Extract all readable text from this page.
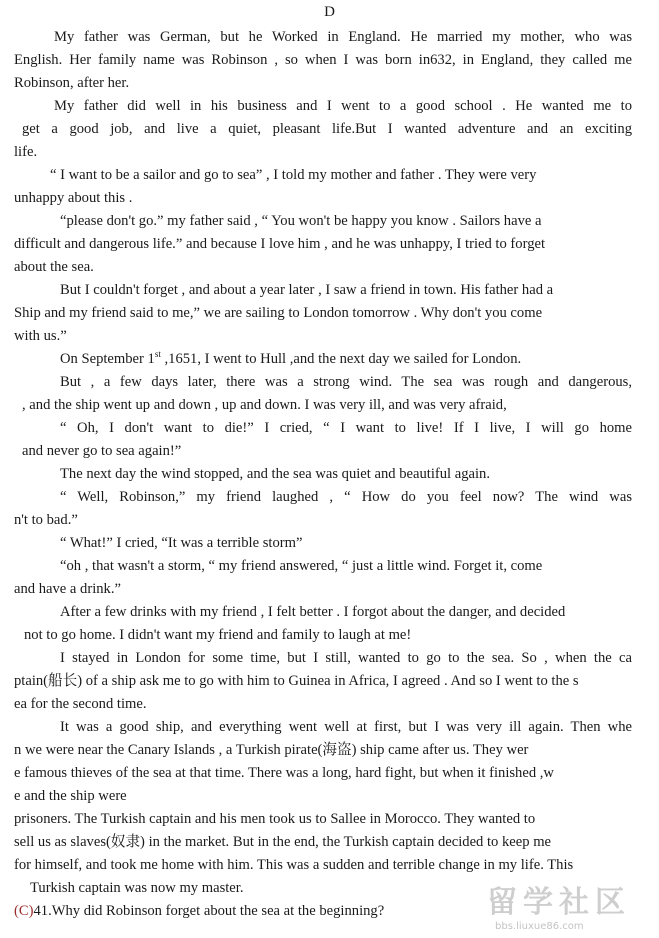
D
My father was German, but he Worked in England. He married my mother, who was
English. Her family name was Robinson , so when I was born in632, in England, they called me
Robinson, after her.
My father did well in his business and I went to a good school . He wanted me to
get a good job, and live a quiet, pleasant life.But I wanted adventure and an exciting
life.
“ I want to be a sailor and go to sea” , I told my mother and father . They were very
unhappy about this .
“please don't go.” my father said , “ You won't be happy you know . Sailors have a
difficult and dangerous life.” and because I love him , and he was unhappy, I tried to forget
about the sea.
But I couldn't forget , and about a year later , I saw a friend in town. His father had a
Ship and my friend said to me,” we are sailing to London tomorrow . Why don't you come
with us.”
On September 1st ,1651, I went to Hull ,and the next day we sailed for London.
But , a few days later, there was a strong wind. The sea was rough and dangerous,
, and the ship went up and down , up and down. I was very ill, and was very afraid,
“ Oh, I don't want to die!” I cried, “ I want to live! If I live, I will go home
and never go to sea again!”
The next day the wind stopped, and the sea was quiet and beautiful again.
“ Well, Robinson,” my friend laughed , “ How do you feel now? The wind was
n't to bad.”
“ What!” I cried, “It was a terrible storm”
“oh , that wasn't a storm, “ my friend answered, “ just a little wind. Forget it, come
and have a drink.”
After a few drinks with my friend , I felt better . I forgot about the danger, and decided
not to go home. I didn't want my friend and family to laugh at me!
I stayed in London for some time, but I still, wanted to go to the sea. So , when the ca
ptain(船长) of a ship ask me to go with him to Guinea in Africa, I agreed . And so I went to the s
ea for the second time.
It was a good ship, and everything went well at first, but I was very ill again. Then whe
n we were near the Canary Islands , a Turkish pirate(海盗) ship came after us. They wer
e famous thieves of the sea at that time. There was a long, hard fight, but when it finished ,w
e and the ship were
prisoners. The Turkish captain and his men took us to Sallee in Morocco. They wanted to
sell us as slaves(奴隶) in the market. But in the end, the Turkish captain decided to keep me
for himself, and took me home with him. This was a sudden and terrible change in my life. This
Turkish captain was now my master.
(C)41.Why did Robinson forget about the sea at the beginning?	留学社区
bbs.liuxue86.com
